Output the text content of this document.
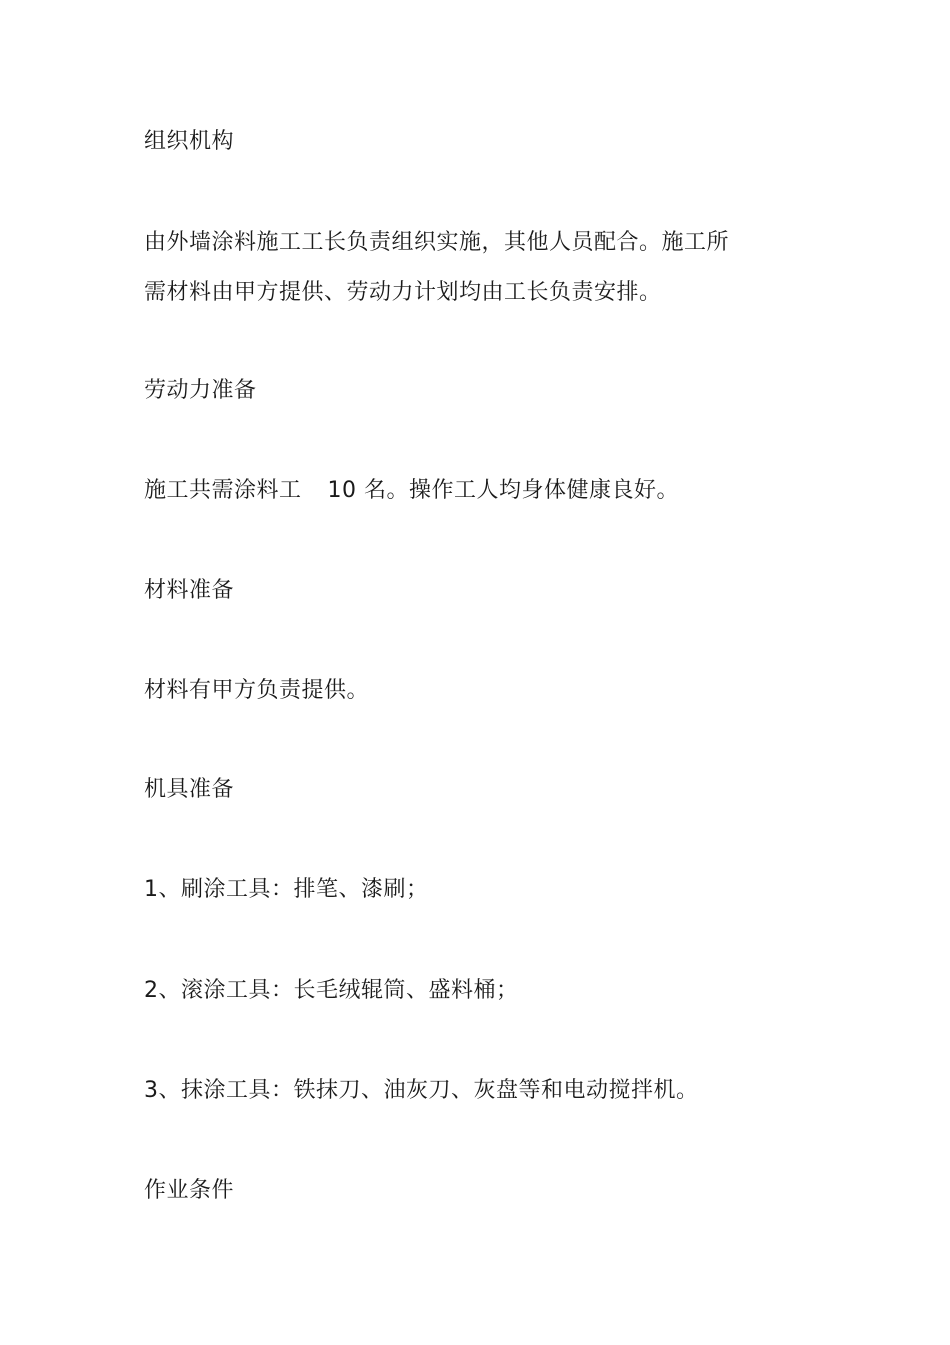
组织机构
由外墙涂料施工工长负责组织实施，其他人员配合。施工所
需材料由甲方提供、劳动力计划均由工长负责安排。
劳动力准备
施工共需涂料工 10 名。操作工人均身体健康良好。
材料准备
材料有甲方负责提供。
机具准备
1、刷涂工具：排笔、漆刷；
2、滚涂工具：长毛绒辊筒、盛料桶；
3、抹涂工具：铁抹刀、油灰刀、灰盘等和电动搅拌机。
作业条件
